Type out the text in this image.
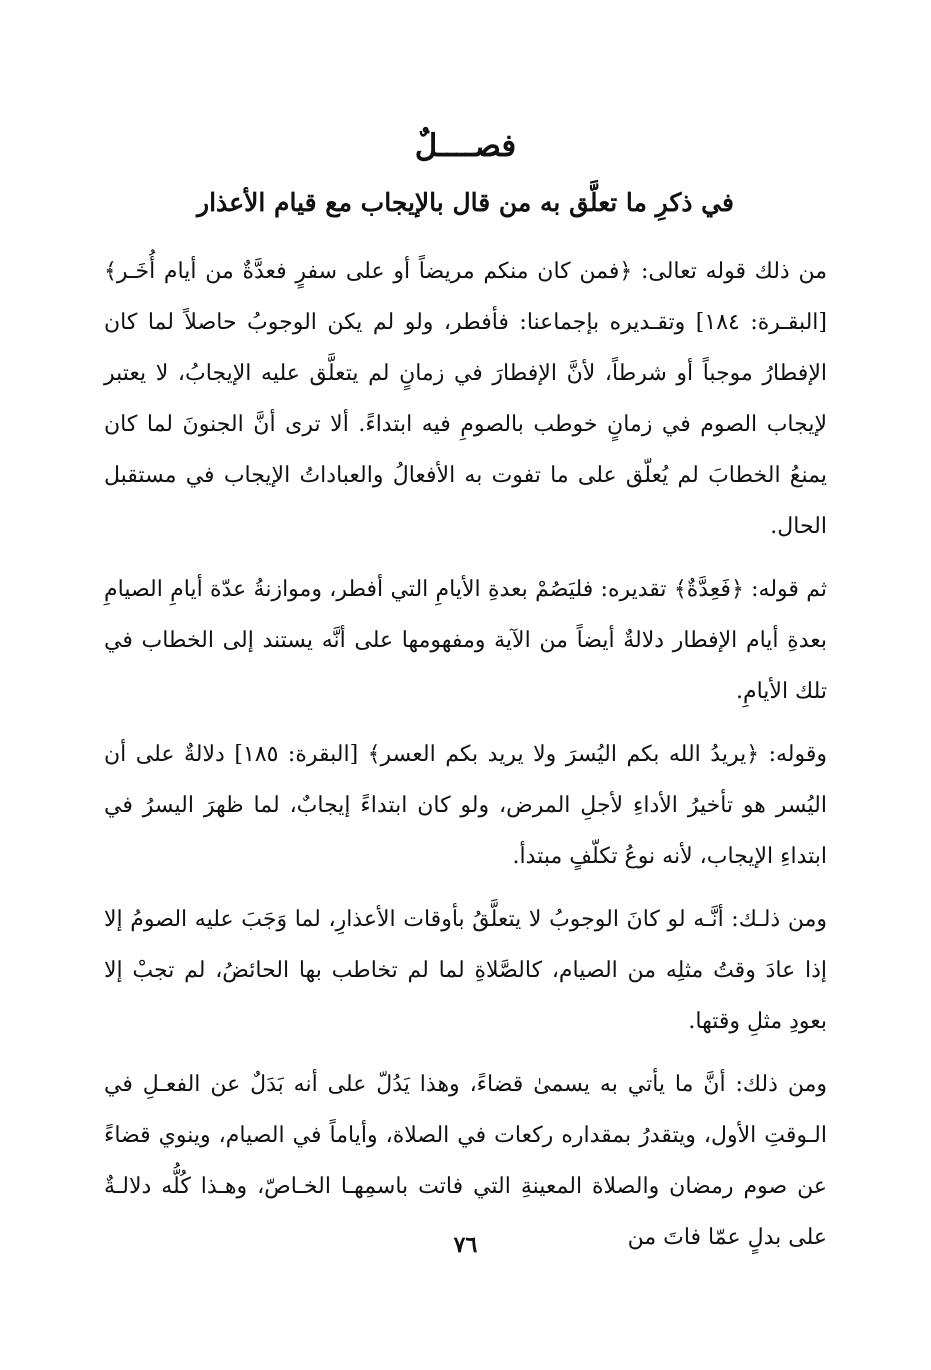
فصــــلٌ
في ذكرِ ما تعلَّق به من قال بالإيجاب مع قيام الأعذار

من ذلك قوله تعالى: ﴿فمن كان منكم مريضاً أو على سفرٍ فعدَّةٌ من أيام أُخَـر﴾ [البقـرة: ١٨٤] وتقـديره بإجماعنا: فأفطر، ولو لم يكن الوجوبُ حاصلاً لما كان الإفطارُ موجباً أو شرطاً، لأنَّ الإفطارَ في زمانٍ لم يتعلَّق عليه الإيجابُ، لا يعتبر لإيجاب الصوم في زمانٍ خوطب بالصومِ فيه ابتداءً. ألا ترى أنَّ الجنونَ لما كان يمنعُ الخطابَ لم يُعلّق على ما تفوت به الأفعالُ والعباداتُ الإيجاب في مستقبل الحال.

ثم قوله: ﴿فَعِدَّةٌ﴾ تقديره: فليَصُمْ بعدةِ الأيامِ التي أفطر، وموازنةُ عدّة أيامِ الصيامِ بعدةِ أيام الإفطار دلالةٌ أيضاً من الآية ومفهومها على أنَّه يستند إلى الخطاب في تلك الأيامِ.

وقوله: ﴿يريدُ الله بكم اليُسرَ ولا يريد بكم العسر﴾ [البقرة: ١٨٥] دلالةٌ على أن اليُسر هو تأخيرُ الأداءِ لأجلِ المرض، ولو كان ابتداءً إيجابٌ، لما ظهرَ اليسرُ في ابتداءِ الإيجاب، لأنه نوعُ تكلّفٍ مبتدأ.

ومن ذلـك: أنَّـه لو كانَ الوجوبُ لا يتعلَّقُ بأوقات الأعذارِ، لما وَجَبَ عليه الصومُ إلا إذا عادَ وقتُ مثلِه من الصيام، كالصَّلاةِ لما لم تخاطب بها الحائضُ، لم تجبْ إلا بعودِ مثلِ وقتها.

ومن ذلك: أنَّ ما يأتي به يسمىٰ قضاءً، وهذا يَدُلّ على أنه بَدَلٌ عن الفعـلِ في الـوقتِ الأول، ويتقدرُ بمقداره ركعات في الصلاة، وأياماً في الصيام، وينوي قضاءً عن صوم رمضان والصلاة المعينةِ التي فاتت باسمِهـا الخـاصّ، وهـذا كُلُّه دلالـةٌ على بدلٍ عمّا فاتَ من

٧٦
